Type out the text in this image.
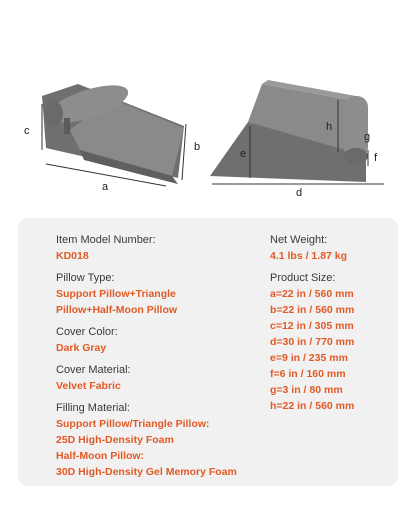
c
a
b
h
e
g
f
d
Item Model Number:
KD018
Pillow Type:
Support Pillow+Triangle
Pillow+Half-Moon Pillow
Cover Color:
Dark Gray
Cover Material:
Velvet Fabric
Filling Material:
Support Pillow/Triangle Pillow:
25D High-Density Foam
Half-Moon Pillow:
30D High-Density Gel Memory Foam
Net Weight:
4.1 lbs / 1.87 kg
Product Size:
a=22 in / 560 mm
b=22 in / 560 mm
c=12 in / 305 mm
d=30 in / 770 mm
e=9 in / 235 mm
f=6 in / 160 mm
g=3 in / 80 mm
h=22 in / 560 mm
